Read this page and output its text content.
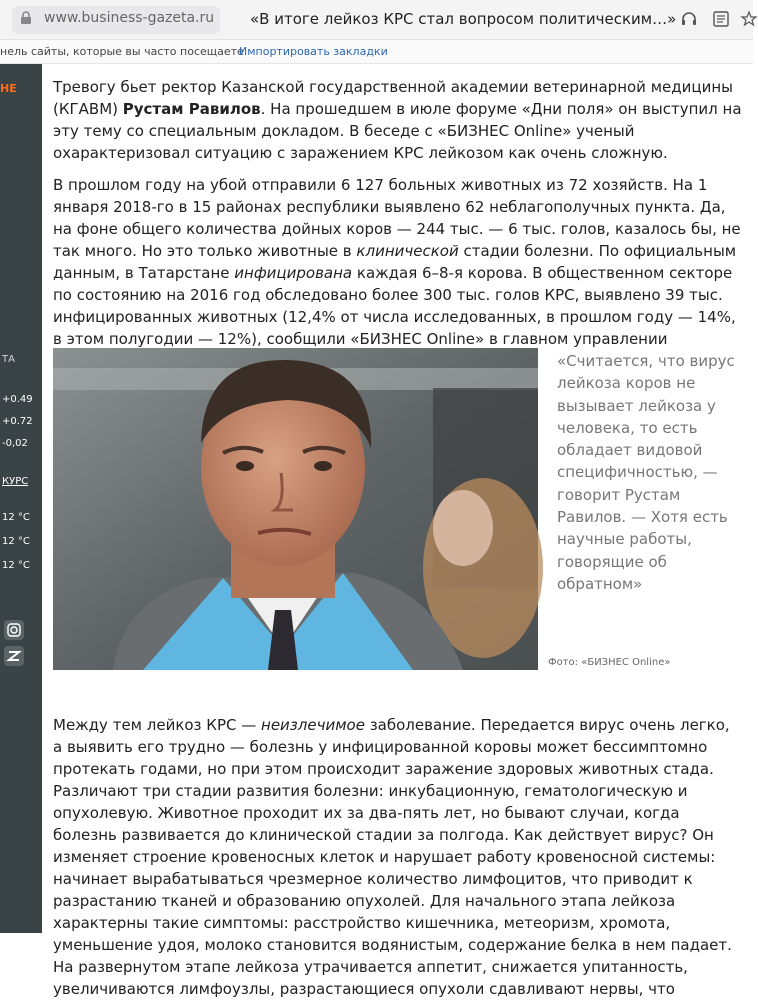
www.business-gazeta.ru «В итоге лейкоз КРС стал вопросом политическим…»
нель сайты, которые вы часто посещаете.
Импортировать закладки
НЕ
ТА
+0.49
+0.72
-0,02
КУРС
12 °C
12 °C
12 °C

Тревогу бьет ректор Казанской государственной академии ветеринарной медицины (КГАВМ) Рустам Равилов. На прошедшем в июле форуме «Дни поля» он выступил на эту тему со специальным докладом. В беседе с «БИЗНЕС Online» ученый охарактеризовал ситуацию с заражением КРС лейкозом как очень сложную.

В прошлом году на убой отправили 6 127 больных животных из 72 хозяйств. На 1 января 2018-го в 15 районах республики выявлено 62 неблагополучных пункта. Да, на фоне общего количества дойных коров — 244 тыс. — 6 тыс. голов, казалось бы, не так много. Но это только животные в клинической стадии болезни. По официальным данным, в Татарстане инфицирована каждая 6–8-я корова. В общественном секторе по состоянию на 2016 год обследовано более 300 тыс. голов КРС, выявлено 39 тыс. инфицированных животных (12,4% от числа исследованных, в прошлом году — 14%, в этом полугодии — 12%), сообщили «БИЗНЕС Online» в главном управлении

«Считается, что вирус лейкоза коров не вызывает лейкоза у человека, то есть обладает видовой специфичностью, — говорит Рустам Равилов. — Хотя есть научные работы, говорящие об обратном»

Фото: «БИЗНЕС Online»

Между тем лейкоз КРС — неизлечимое заболевание. Передается вирус очень легко, а выявить его трудно — болезнь у инфицированной коровы может бессимптомно протекать годами, но при этом происходит заражение здоровых животных стада. Различают три стадии развития болезни: инкубационную, гематологическую и опухолевую. Животное проходит их за два-пять лет, но бывают случаи, когда болезнь развивается до клинической стадии за полгода. Как действует вирус? Он изменяет строение кровеносных клеток и нарушает работу кровеносной системы: начинает вырабатываться чрезмерное количество лимфоцитов, что приводит к разрастанию тканей и образованию опухолей. Для начального этапа лейкоза характерны такие симптомы: расстройство кишечника, метеоризм, хромота, уменьшение удоя, молоко становится водянистым, содержание белка в нем падает. На развернутом этапе лейкоза утрачивается аппетит, снижается упитанность, увеличиваются лимфоузлы, разрастающиеся опухоли сдавливают нервы, что
